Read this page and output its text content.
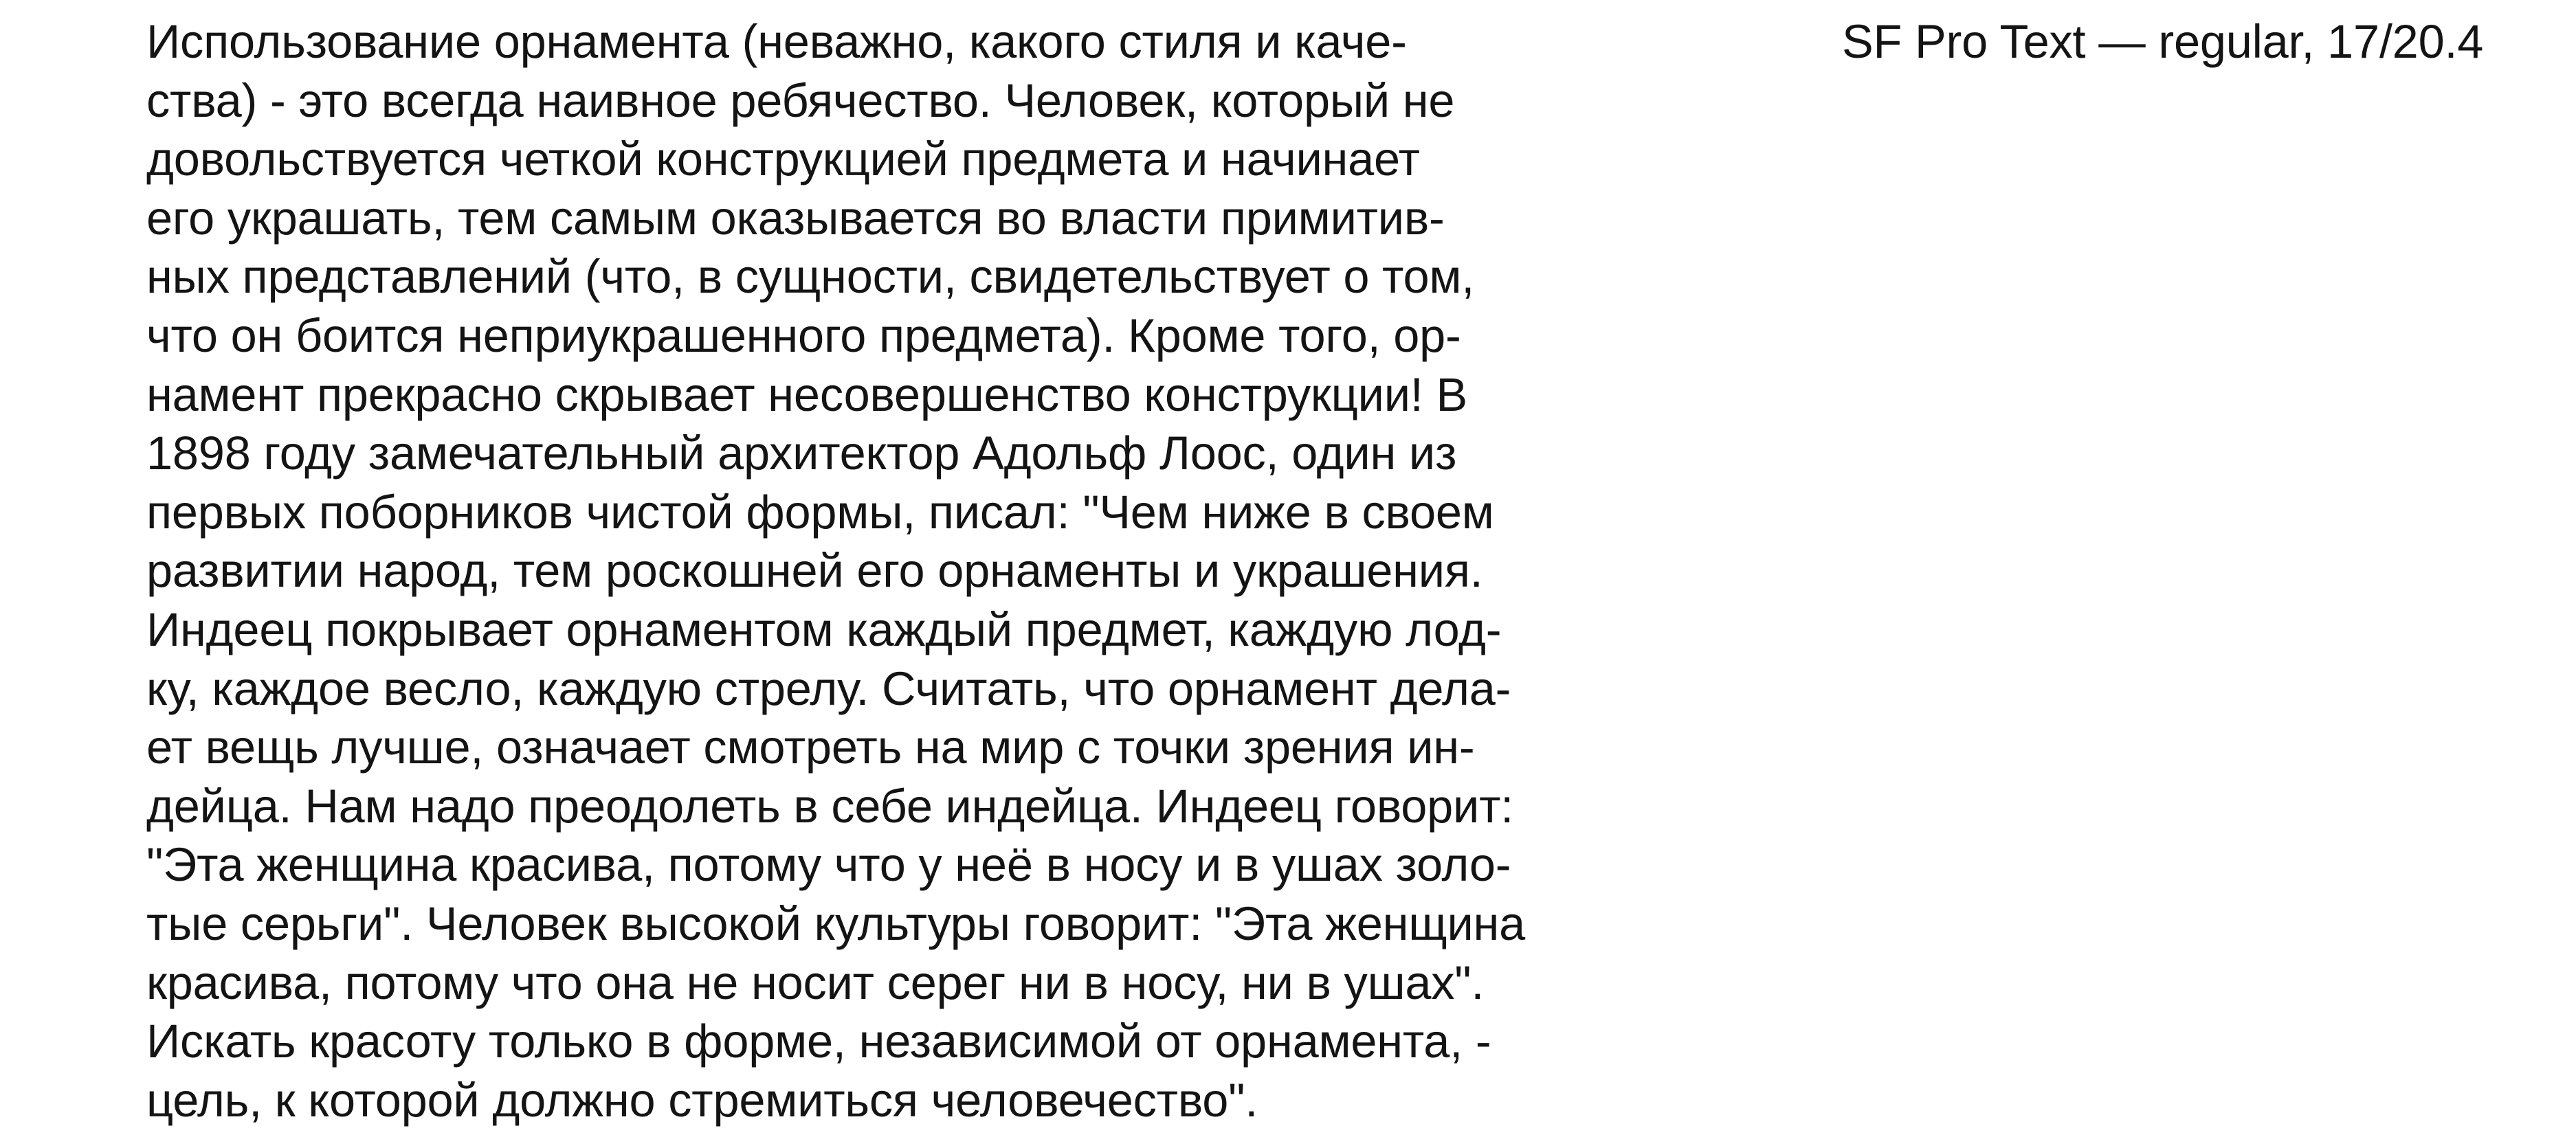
Использование орнамента (неважно, какого стиля и каче-
ства) - это всегда наивное ребячество. Человек, который не
довольствуется четкой конструкцией предмета и начинает
его украшать, тем самым оказывается во власти примитив-
ных представлений (что, в сущности, свидетельствует о том,
что он боится неприукрашенного предмета). Кроме того, ор-
намент прекрасно скрывает несовершенство конструкции! В
1898 году замечательный архитектор Адольф Лоос, один из
первых поборников чистой формы, писал: "Чем ниже в своем
развитии народ, тем роскошней его орнаменты и украшения.
Индеец покрывает орнаментом каждый предмет, каждую лод-
ку, каждое весло, каждую стрелу. Считать, что орнамент дела-
ет вещь лучше, означает смотреть на мир с точки зрения ин-
дейца. Нам надо преодолеть в себе индейца. Индеец говорит:
"Эта женщина красива, потому что у неё в носу и в ушах золо-
тые серьги". Человек высокой культуры говорит: "Эта женщина
красива, потому что она не носит серег ни в носу, ни в ушах".
Искать красоту только в форме, независимой от орнамента, -
цель, к которой должно стремиться человечество".
SF Pro Text — regular, 17/20.4
